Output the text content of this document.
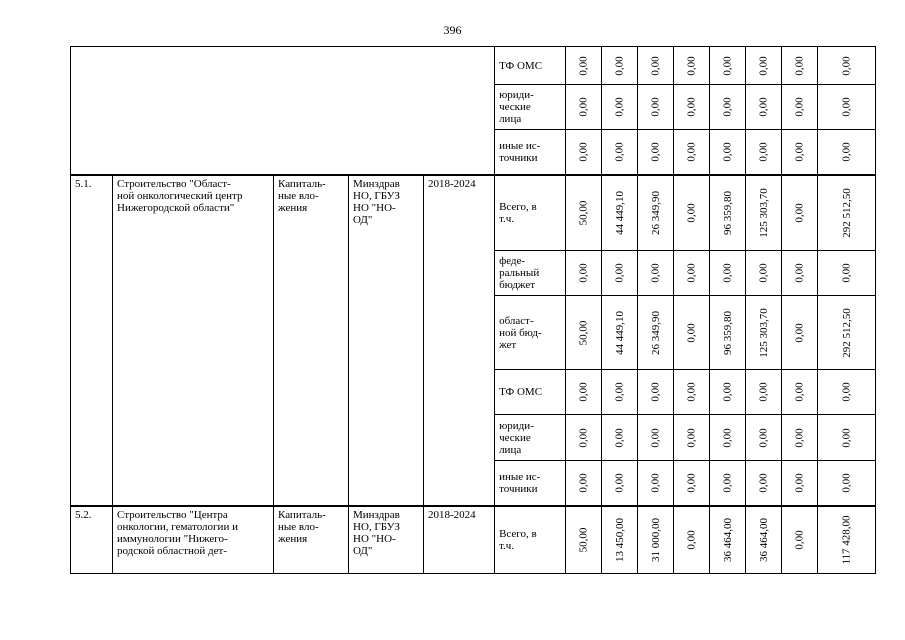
396
					ТФ ОМС	0,00	0,00	0,00	0,00	0,00	0,00	0,00	0,00

					юриди-
ческие
лица	0,00	0,00	0,00	0,00	0,00	0,00	0,00	0,00

					иные ис-
точники	0,00	0,00	0,00	0,00	0,00	0,00	0,00	0,00

5.1.	Строительство "Област-
ной онкологический центр
Нижегородской области"	Капиталь-
ные вло-
жения	Минздрав
НО, ГБУЗ
НО "НО-
ОД"	2018-2024	Всего, в
т.ч.	50,00	44 449,10	26 349,90	0,00	96 359,80	125 303,70	0,00	292 512,50

					феде-
ральный
бюджет	0,00	0,00	0,00	0,00	0,00	0,00	0,00	0,00

					област-
ной бюд-
жет	50,00	44 449,10	26 349,90	0,00	96 359,80	125 303,70	0,00	292 512,50

					ТФ ОМС	0,00	0,00	0,00	0,00	0,00	0,00	0,00	0,00

					юриди-
ческие
лица	0,00	0,00	0,00	0,00	0,00	0,00	0,00	0,00

					иные ис-
точники	0,00	0,00	0,00	0,00	0,00	0,00	0,00	0,00

5.2.	Строительство "Центра
онкологии, гематологии и
иммунологии "Нижего-
родской областной дет-	Капиталь-
ные вло-
жения	Минздрав
НО, ГБУЗ
НО "НО-
ОД"	2018-2024	Всего, в
т.ч.	50,00	13 450,00	31 000,00	0,00	36 464,00	36 464,00	0,00	117 428,00
